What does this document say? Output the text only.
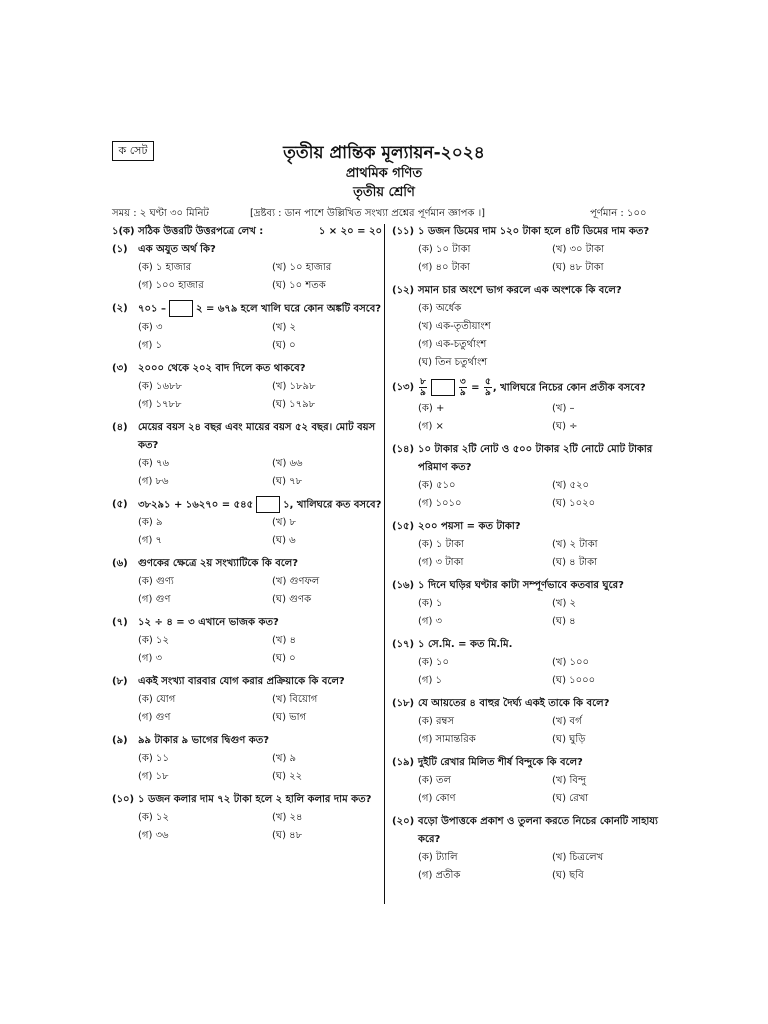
ক সেট	তৃতীয় প্রান্তিক মূল্যায়ন-২০২৪
প্রাথমিক গণিত
তৃতীয় শ্রেণি
সময় : ২ ঘণ্টা ৩০ মিনিট	[দ্রষ্টব্য : ডান পাশে উল্লিখিত সংখ্যা প্রশ্নের পূর্ণমান জ্ঞাপক ।]	পূর্ণমান : ১০০
১(ক) সঠিক উত্তরটি উত্তরপত্রে লেখ :	১ × ২০ = ২০
(১)	এক অযুত অর্থ কি?
(ক) ১ হাজার	(খ) ১০ হাজার
(গ) ১০০ হাজার	(ঘ) ১০ শতক
(২)	৭০১ –	২ = ৬৭৯ হলে খালি ঘরে কোন অঙ্কটি বসবে?
(ক) ৩	(খ) ২
(গ) ১	(ঘ) ০
(৩)	২০০০ থেকে ২০২ বাদ দিলে কত থাকবে?
(ক) ১৬৮৮	(খ) ১৮৯৮
(গ) ১৭৮৮	(ঘ) ১৭৯৮
(৪)	মেয়ের বয়স ২৪ বছর এবং মায়ের বয়স ৫২ বছর। মোট বয়স কত?
(ক) ৭৬	(খ) ৬৬
(গ) ৮৬	(ঘ) ৭৮
(৫)	৩৮২৯১ + ১৬২৭০ = ৫৪৫	১, খালিঘরে কত বসবে?
(ক) ৯	(খ) ৮
(গ) ৭	(ঘ) ৬
(৬)	গুণকের ক্ষেত্রে ২য় সংখ্যাটিকে কি বলে?
(ক) গুণ্য	(খ) গুণফল
(গ) গুণ	(ঘ) গুণক
(৭)	১২ ÷ ৪ = ৩ এখানে ভাজক কত?
(ক) ১২	(খ) ৪
(গ) ৩	(ঘ) ০
(৮)	একই সংখ্যা বারবার যোগ করার প্রক্রিয়াকে কি বলে?
(ক) যোগ	(খ) বিয়োগ
(গ) গুণ	(ঘ) ভাগ
(৯)	৯৯ টাকার ৯ ভাগের দ্বিগুণ কত?
(ক) ১১	(খ) ৯
(গ) ১৮	(ঘ) ২২
(১০) ১ ডজন কলার দাম ৭২ টাকা হলে ২ হালি কলার দাম কত?
(ক) ১২	(খ) ২৪
(গ) ৩৬	(ঘ) ৪৮
(১১) ১ ডজন ডিমের দাম ১২০ টাকা হলে ৪টি ডিমের দাম কত?
(ক) ১০ টাকা	(খ) ৩০ টাকা
(গ) ৪০ টাকা	(ঘ) ৪৮ টাকা
(১২) সমান চার অংশে ভাগ করলে এক অংশকে কি বলে?
(ক) অর্ধেক
(খ) এক-তৃতীয়াংশ
(গ) এক-চতুর্থাংশ
(ঘ) তিন চতুর্থাংশ
(১৩) $\frac{৮}{৯}$	$\frac{৩}{৯} = \frac{৫}{৯}$ , খালিঘরে নিচের কোন প্রতীক বসবে?
(ক) +	(খ) –
(গ) ×	(ঘ) ÷
(১৪) ১০ টাকার ২টি নোট ও ৫০০ টাকার ২টি নোটে মোট টাকার পরিমাণ কত?
(ক) ৫১০	(খ) ৫২০
(গ) ১০১০	(ঘ) ১০২০
(১৫) ২০০ পয়সা = কত টাকা?
(ক) ১ টাকা	(খ) ২ টাকা
(গ) ৩ টাকা	(ঘ) ৪ টাকা
(১৬) ১ দিনে ঘড়ির ঘণ্টার কাটা সম্পূর্ণভাবে কতবার ঘুরে?
(ক) ১	(খ) ২
(গ) ৩	(ঘ) ৪
(১৭) ১ সে.মি. = কত মি.মি.
(ক) ১০	(খ) ১০০
(গ) ১	(ঘ) ১০০০
(১৮) যে আয়তের ৪ বাহুর দৈর্ঘ্য একই তাকে কি বলে?
(ক) রম্বস	(খ) বর্গ
(গ) সামান্তরিক	(ঘ) ঘুড়ি
(১৯) দুইটি রেখার মিলিত শীর্ষ বিন্দুকে কি বলে?
(ক) তল	(খ) বিন্দু
(গ) কোণ	(ঘ) রেখা
(২০) বড়ো উপাত্তকে প্রকাশ ও তুলনা করতে নিচের কোনটি সাহায্য করে?
(ক) ট্যালি	(খ) চিত্রলেখ
(গ) প্রতীক	(ঘ) ছবি
